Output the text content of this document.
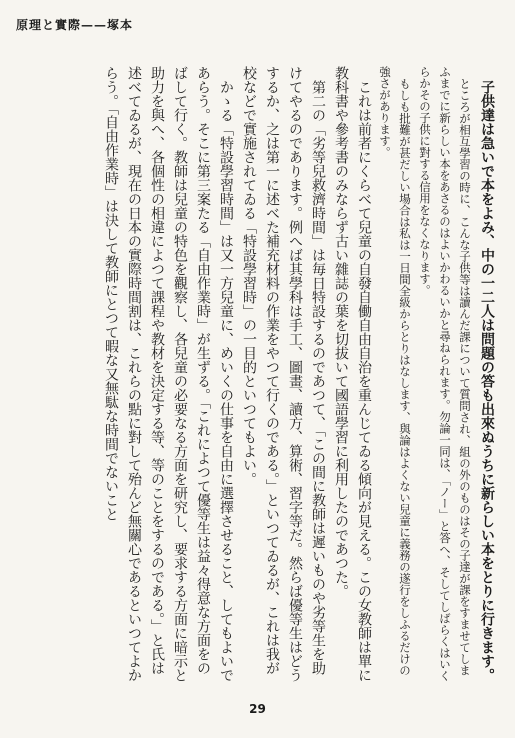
原理と實際——塚本

子供達は急いで本をよみ、中の一二人は問題の答も出來ぬうちに新らしい本をとりに行きます。

ところが相互學習の時に、こんな子供等は讀んだ課について質問され、組の外のものはその子達が課をすませてしまふまでに新らしい本をあさるのはよいかわるいかと尋ねられます。勿論一同は、「ノー」と答へ、そしてしばらくはいくらかその子供に對する信用をなくなります。

もしも批難が甚だしい場合は私は一日間全級からとりはなします、與論はよくない兒童に義務の遂行をしふるだけの強さがあります。

これは前者にくらべて兒童の自發自働自由自治を重んじてゐる傾向が見える。この女教師は單に教科書や參考書のみならず古い雜誌の葉を切拔いて國語學習に利用したのであつた。

第二の「劣等兒救濟時間」は毎日特設するのであつて、「この間に教師は遲いものや劣等生を助けてやるのであります。例へば其學科は手工、圖畫、讀方、算術、習字等だ。然らば優等生はどうするか、之は第一に述べた補充材料の作業をやつて行くのである。」といつてゐるが、これは我が校などで實施されてゐる「特設學習時」の一目的といつてもよい。

かゝる「特設學習時間」は又一方兒童に、めいくの仕事を自由に選擇させること、してもよいであらう。そこに第三案たる「自由作業時」が生ずる。「これによつて優等生は益々得意な方面をのばして行く。教師は兒童の特色を觀察し、各兒童の必要なる方面を研究し、要求する方面に暗示と助力を與へ、各個性の相違によつて課程や教材を決定する等、等のことをするのである。」と氏は述べてゐるが、現在の日本の實際時間割は、これらの點に對して殆んど無關心であるといつてよからう。「自由作業時」は決して教師にとつて暇な又無駄な時間でないこと

29
